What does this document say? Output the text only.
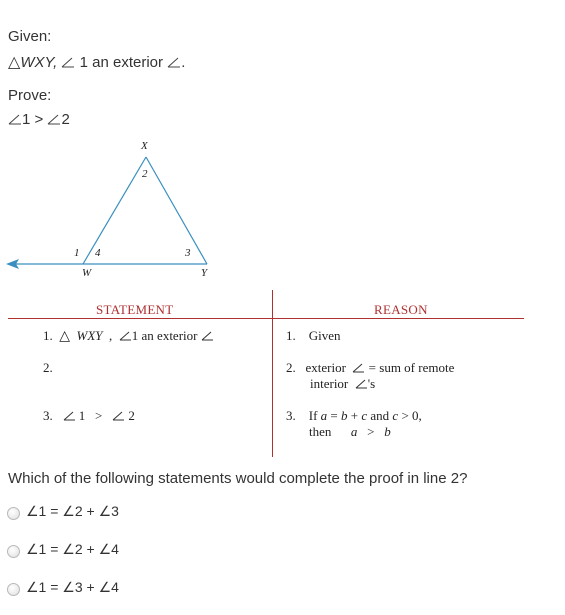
Given:
△WXY, 1 an exterior .
Prove:
1 > 2
X
2
1 4	3
W	Y
STATEMENT	REASON
1. △ WXY , 1 an exterior	1. Given
2.	2. exterior = sum of remote
interior 's
3. 1 > 2	3. If a = b + c and c > 0,
then a > b
Which of the following statements would complete the proof in line 2?
∠1 = ∠2 + ∠3
∠1 = ∠2 + ∠4
∠1 = ∠3 + ∠4
